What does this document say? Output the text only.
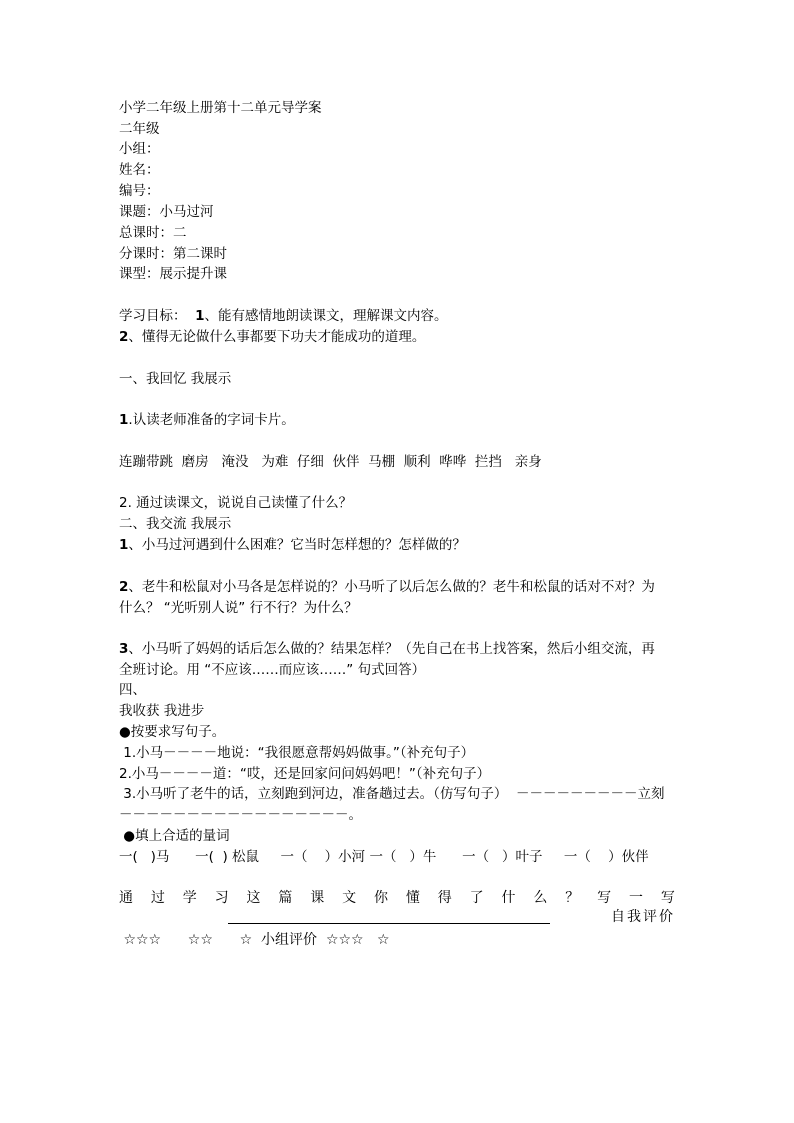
小学二年级上册第十二单元导学案
二年级
小组：
姓名：
编号：
课题：小马过河
总课时：二
分课时：第二课时
课型：展示提升课
学习目标： 1、能有感情地朗读课文，理解课文内容。
2、懂得无论做什么事都要下功夫才能成功的道理。
一、我回忆 我展示
1.认读老师准备的字词卡片。
连蹦带跳  磨房   淹没   为难  仔细  伙伴  马棚  顺利  哗哗  拦挡   亲身
2. 通过读课文，说说自己读懂了什么？
二、我交流 我展示
1、小马过河遇到什么困难？它当时怎样想的？怎样做的？
2、老牛和松鼠对小马各是怎样说的？小马听了以后怎么做的？老牛和松鼠的话对不对？为
什么？ “光听别人说” 行不行？为什么？
3、小马听了妈妈的话后怎么做的？结果怎样？（先自己在书上找答案，然后小组交流，再
全班讨论。用 “不应该……而应该……” 句式回答）
四、
我收获 我进步
●按要求写句子。
1.小马－－－－地说：“我很愿意帮妈妈做事。”（补充句子）
2.小马－－－－道：“哎，还是回家问问妈妈吧！”（补充句子）
3.小马听了老牛的话，立刻跑到河边，准备趟过去。（仿写句子）  －－－－－－－－－立刻
－－－－－－－－－－－－－－－－－。
●填上合适的量词
一(   )马      一(  ) 松鼠     一（    ）小河 一（   ）牛      一（   ）叶子     一（    ）伙伴
通 过 学 习 这 篇 课 文 你 懂 得 了 什 么 ？ 写 一 写
自我评价
☆☆☆      ☆☆      ☆  小组评价  ☆☆☆   ☆
